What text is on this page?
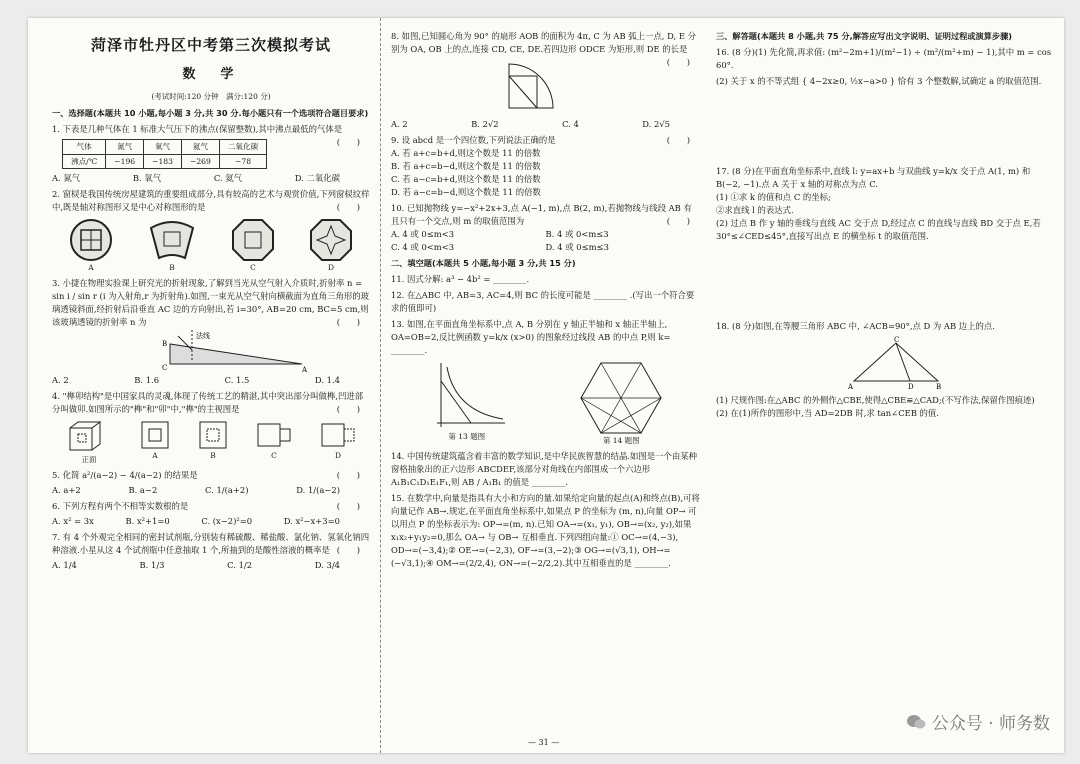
菏泽市牡丹区中考第三次模拟考试
数　学
(考试时间:120 分钟　满分:120 分)
一、选择题(本题共 10 小题,每小题 3 分,共 30 分.每小题只有一个选项符合题目要求)
1. 下表是几种气体在 1 标准大气压下的沸点(保留整数),其中沸点最低的气体是
(　　)
气体	氮气	氧气	氦气	二氧化碳
沸点/℃	−196	−183	−269	−78
A. 氮气	B. 氧气	C. 氦气	D. 二氧化碳
2. 窗棂是我国传统房屋建筑的重要组成部分,具有较高的艺术与观赏价值,下列窗棂纹样中,既是轴对称图形又是中心对称图形的是	(　　)
A	B	C	D
3. 小捷在物理实验课上研究光的折射现象,了解到当光从空气射入介质时,折射率 n = sin i / sin r (i 为入射角,r 为折射角).如图,一束光从空气射向横截面为直角三角形的玻璃透镜斜面,经折射后沿垂直 AC 边的方向射出,若 i=30°, AB=20 cm, BC=5 cm,则该玻璃透镜的折射率 n 为	(　　)
法线
B
C	A
A. 2	B. 1.6	C. 1.5	D. 1.4
4. "榫卯结构"是中国家具的灵魂,体现了传统工艺的精湛,其中突出部分叫做榫,凹进部分叫做卯.如图所示的"榫"和"卯"中,"榫"的主视图是	(　　)
正面	A	B	C	D
5. 化简 a²/(a−2) − 4/(a−2) 的结果是	(　　)
A. a+2	B. a−2	C. 1/(a+2)	D. 1/(a−2)
6. 下列方程有两个不相等实数根的是	(　　)
A. x² = 3x	B. x²+1=0	C. (x−2)²=0	D. x²−x+3=0
7. 有 4 个外观完全相同的密封试剂瓶,分别装有稀硫酸、稀盐酸、氯化钠、氢氧化钠四种溶液.小星从这 4 个试剂瓶中任意抽取 1 个,所抽到的是酸性溶液的概率是 (　　)
A. 1/4	B. 1/3	C. 1/2	D. 3/4
8. 如图,已知圆心角为 90° 的扇形 AOB 的面积为 4π, C 为 AB 弧上一点, D, E 分别为 OA, OB 上的点,连接 CD, CE, DE.若四边形 ODCE 为矩形,则 DE 的长是
(　　)
A. 2	B. 2√2	C. 4	D. 2√5
9. 设 abcd 是一个四位数,下列说法正确的是	(　　)
A. 若 a+c=b+d,则这个数是 11 的倍数
B. 若 a+c=b−d,则这个数是 11 的倍数
C. 若 a−c=b+d,则这个数是 11 的倍数
D. 若 a−c=b−d,则这个数是 11 的倍数
10. 已知抛物线 y=−x²+2x+3,点 A(−1, m),点 B(2, m),若抛物线与线段 AB 有且只有一个交点,则 m 的取值范围为	(　　)
A. 4 或 0≤m<3	B. 4 或 0<m≤3
C. 4 或 0<m<3	D. 4 或 0≤m≤3
二、填空题(本题共 5 小题,每小题 3 分,共 15 分)
11. 因式分解: a³ − 4b² = ________.
12. 在△ABC 中, AB=3, AC=4,则 BC 的长度可能是 ________ .(写出一个符合要求的值即可)
13. 如图,在平面直角坐标系中,点 A, B 分别在 y 轴正半轴和 x 轴正半轴上, OA=OB=2,反比例函数 y=k/x (x>0) 的图象经过线段 AB 的中点 P,则 k= ________.
第 13 题图	第 14 题图
14. 中国传统建筑蕴含着丰富的数学知识,是中华民族智慧的结晶.如图是一个由某种窗格抽象出的正六边形 ABCDEF,该部分对角线在内部围成一个六边形 A₁B₁C₁D₁E₁F₁,则 AB / A₁B₁ 的值是 ________.
15. 在数学中,向量是指具有大小和方向的量.如果给定向量的起点(A)和终点(B),可将向量记作 AB→.规定,在平面直角坐标系中,如果点 P 的坐标为 (m, n),向量 OP→ 可以用点 P 的坐标表示为: OP→=(m, n).已知 OA→=(x₁, y₁), OB→=(x₂, y₂),如果 x₁x₂+y₁y₂=0,那么 OA→ 与 OB→ 互相垂直.下列四组向量:① OC→=(4,−3), OD→=(−3,4);② OE→=(−2,3), OF→=(3,−2);③ OG→=(√3,1), OH→=(−√3,1);④ OM→=(2/2,4), ON→=(−2/2,2).其中互相垂直的是 ________.
三、解答题(本题共 8 小题,共 75 分,解答应写出文字说明、证明过程或演算步骤)
16. (8 分)(1) 先化简,再求值: (m²−2m+1)/(m²−1) ÷ (m²/(m²+m) − 1),其中 m = cos 60°.
(2) 关于 x 的不等式组 { 4−2x≥0, ½x−a>0 } 恰有 3 个整数解,试确定 a 的取值范围.
17. (8 分)在平面直角坐标系中,直线 l: y=ax+b 与双曲线 y=k/x 交于点 A(1, m) 和 B(−2, −1).点 A 关于 x 轴的对称点为点 C.
(1) ①求 k 的值和点 C 的坐标;
②求直线 l 的表达式.
(2) 过点 B 作 y 轴的垂线与直线 AC 交于点 D,经过点 C 的直线与直线 BD 交于点 E,若 30°≤∠CED≤45°,直接写出点 E 的横坐标 t 的取值范围.
18. (8 分)如图,在等腰三角形 ABC 中, ∠ACB=90°,点 D 为 AB 边上的点.
C
A	D	B
(1) 尺规作图:在△ABC 的外侧作△CBE,使得△CBE≌△CAD;(不写作法,保留作图痕迹)
(2) 在(1)所作的图形中,当 AD=2DB 时,求 tan∠CEB 的值.
— 31 —
公众号 · 师务数
